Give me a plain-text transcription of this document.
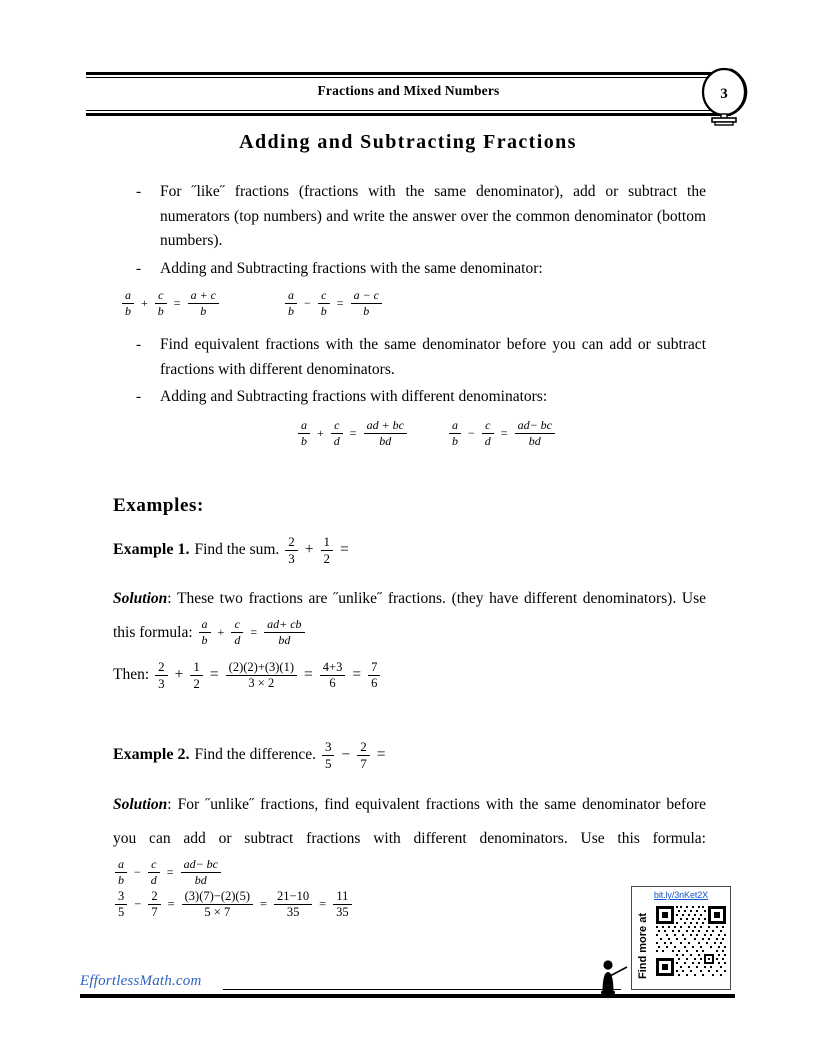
Fractions and Mixed Numbers	3
Adding and Subtracting Fractions
-	For ˝like˝ fractions (fractions with the same denominator), add or subtract the numerators (top numbers) and write the answer over the common denominator (bottom numbers).
-	Adding and Subtracting fractions with the same denominator:
$\frac{a}{b} + \frac{c}{b} = \frac{a + c}{b}$	$\frac{a}{b} - \frac{c}{b} = \frac{a - c}{b}$
-	Find equivalent fractions with the same denominator before you can add or subtract fractions with different denominators.
-	Adding and Subtracting fractions with different denominators:
$\frac{a}{b} + \frac{c}{d} = \frac{ad + bc}{bd}$	$\frac{a}{b} - \frac{c}{d} = \frac{ad- bc}{bd}$
Examples:
Example 1. Find the sum. $\frac{2}{3} + \frac{1}{2}$ =
Solution: These two fractions are ˝unlike˝ fractions. (they have different denominators). Use this formula: $\frac{a}{b} + \frac{c}{d} = \frac{ad+ cb}{bd}$
Then: $\frac{2}{3} + \frac{1}{2} = \frac{(2)(2)+(3)(1)}{3 \times 2} = \frac{4+3}{6} = \frac{7}{6}$
Example 2. Find the difference. $\frac{3}{5} - \frac{2}{7}$ =
Solution: For ˝unlike˝ fractions, find equivalent fractions with the same denominator before you can add or subtract fractions with different denominators. Use this formula:
$\frac{a}{b} - \frac{c}{d} = \frac{ad- bc}{bd}$
$\frac{3}{5} - \frac{2}{7} = \frac{(3)(7)-(2)(5)}{5 \times 7} = \frac{21-10}{35} = \frac{11}{35}$	bit.ly/3nKet2X
Find more at
EffortlessMath.com
